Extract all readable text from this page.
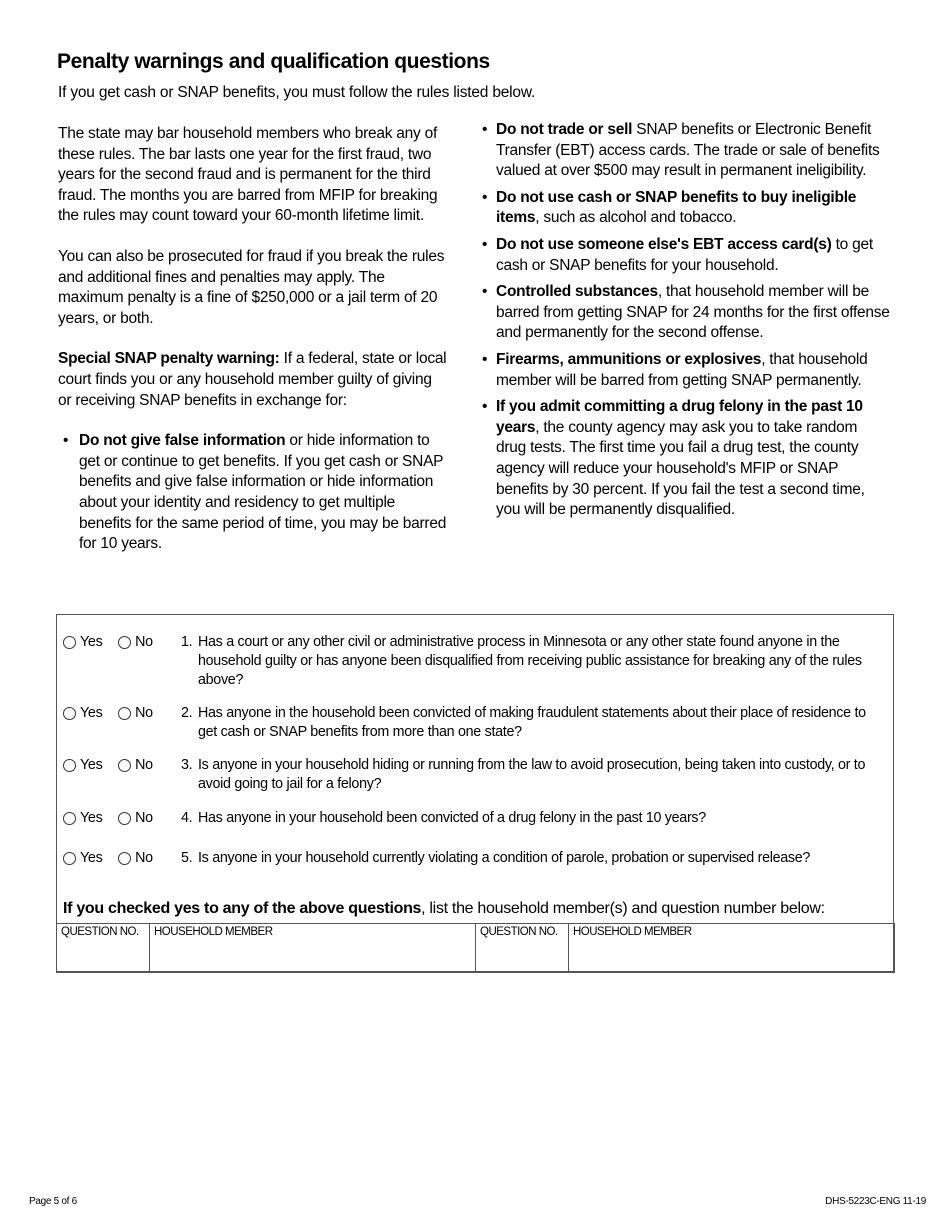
Penalty warnings and qualification questions

If you get cash or SNAP benefits, you must follow the rules listed below.

The state may bar household members who break any of these rules. The bar lasts one year for the first fraud, two years for the second fraud and is permanent for the third fraud. The months you are barred from MFIP for breaking the rules may count toward your 60-month lifetime limit.

You can also be prosecuted for fraud if you break the rules and additional fines and penalties may apply. The maximum penalty is a fine of $250,000 or a jail term of 20 years, or both.

Special SNAP penalty warning: If a federal, state or local court finds you or any household member guilty of giving or receiving SNAP benefits in exchange for:

• Do not give false information or hide information to get or continue to get benefits. If you get cash or SNAP benefits and give false information or hide information about your identity and residency to get multiple benefits for the same period of time, you may be barred for 10 years.
• Do not trade or sell SNAP benefits or Electronic Benefit Transfer (EBT) access cards. The trade or sale of benefits valued at over $500 may result in permanent ineligibility.
• Do not use cash or SNAP benefits to buy ineligible items, such as alcohol and tobacco.
• Do not use someone else's EBT access card(s) to get cash or SNAP benefits for your household.
• Controlled substances, that household member will be barred from getting SNAP for 24 months for the first offense and permanently for the second offense.
• Firearms, ammunitions or explosives, that household member will be barred from getting SNAP permanently.
• If you admit committing a drug felony in the past 10 years, the county agency may ask you to take random drug tests. The first time you fail a drug test, the county agency will reduce your household's MFIP or SNAP benefits by 30 percent. If you fail the test a second time, you will be permanently disqualified.
Yes
No 1. Has a court or any other civil or administrative process in Minnesota or any other state found anyone in the household guilty or has anyone been disqualified from receiving public assistance for breaking any of the rules above?
Yes
No 2. Has anyone in the household been convicted of making fraudulent statements about their place of residence to get cash or SNAP benefits from more than one state?
Yes
No 3. Is anyone in your household hiding or running from the law to avoid prosecution, being taken into custody, or to avoid going to jail for a felony?
Yes
No 4. Has anyone in your household been convicted of a drug felony in the past 10 years?
Yes
No 5. Is anyone in your household currently violating a condition of parole, probation or supervised release?
If you checked yes to any of the above questions, list the household member(s) and question number below:
QUESTION NO.	HOUSEHOLD MEMBER	QUESTION NO.	HOUSEHOLD MEMBER
Page 5 of 6	DHS-5223C-ENG 11-19
